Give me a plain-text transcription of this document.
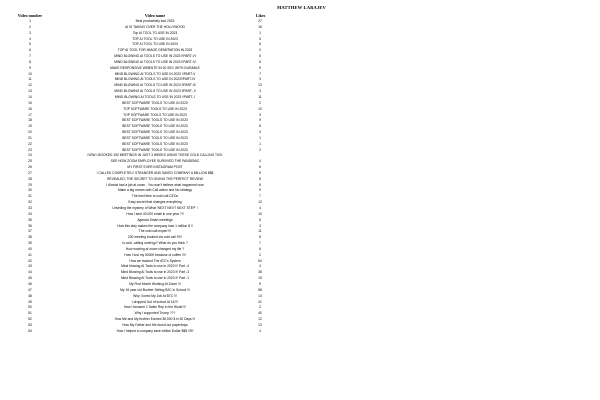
MATTHEW LARAJEV
Video number	Video name	Likes
1	Best productivity tool 2023	27
2	AI IS TAKING OVER THE HOLLYWOOD	16
3	Top AI TOOL TO USE IN 2023	1
4	TOP AI TOOL TO USE IN 2023	5
5	TOP AI TOOL TO USE IN 2023	6
6	TOP AI TOOL FOR IMAGE GENERATION IN 2023	0
7	MIND BLOWING AI TOOLS TO USE IN 2023 !!PART-VI	5
8	MIND BLOWING AI TOOLS TO USE IN 2023 !!PART-IV	6
9	MAKE RESPONSIVE WEBSITE IN 30 SEC WITH DURABLE	9
10	MIND BLOWING AI TOOLS TO USE IN 2023 !!PART-V	7
11	MIND BLOWING AI TOOLS TO USE IN 2023!!PART-IV	3
12	MIND BLOWING AI TOOLS TO USE IN 2023 !!PART-III	13
13	MIND BLOWING AI TOOLS TO USE IN 2023 !!PART- II	3
14	MIND BLOWING AI TOOLS TO USE IN 2023 !!PART- I	11
15	BEST SOFTWARE TOOLS TO USE IN 2023	2
16	TOP SOFTWARE TOOLS TO USE IN 2023	10
17	TOP SOFTWARE TOOLS TO USE IN 2023	3
18	BEST SOFTWARE TOOLS TO USE IN 2023	9
19	BEST SOFTWARE TOOLS TO USE IN 2023	6
20	BEST SOFTWARE TOOLS TO USE IN 2023	4
21	BEST SOFTWARE TOOLS TO USE IN 2023	1
22	BEST SOFTWARE TOOLS TO USE IN 2023	1
23	BEST SOFTWARE TOOLS TO USE IN 2023	2
24	HOW I BOOKED 150 MEETINGS IN JUST 3 WEEKS USING THESE COLD CALLING TICK
25	SEE HOW ZOOM EMPLOYEE SURVIVED THE PANDEMIC	4
26	MY FIRST EVER INSTAGRAM POST	6
27	I CALLED COMPLETELY STRANGER AND SAVED COMPANY A MILLION $$$	9
28	REVEALED: THE SECRET TO GIVING THE PERFECT REVIEW	5
29	I Almost had a job at zoom , You won't believe what happened now	6
30	Make a big moves with Call action and No strategy	9
31	The best time to cold call CEOs	7
32	Easy secret that changes everything	13
33	Unveiling the mystery of What 'NEXT NEXT NEXT STEP' !	4
34	How I sent 40,000 email in one year ?!!	10
35	Agenda Smart meetings	5
36	How this lady makes the company lose 1 million $ !!	3
37	The cold call expert !!!	11
38	200 meeting booked via cold call !!!!!!	8
39	Is cold -calling overhyp? What do you think ?	7
40	How working at zoom changed my life ?	6
41	How I lost my 50000 because of coffee !!!!	2
42	How we tracked The ATC's System	54
43	Mind blowing AI Tools to use in 2023 !!! Part -4	4
44	Mind Blowing AI Tools to use in 2023 !!! Part -3	36
45	Mind Blowing AI Tools to use in 2023 !!! Part -1	15
46	My First Month Working At Zoom !!!	9
47	My 16 year old Brother Selling B2C in School !!!	58
48	Why I loved My Job At BTC !!!	14
49	I dropped Out of school At 16 !!!	41
50	How I became 1 Sales Rep in the World !!!	2
51	Why I supported Trump ???	40
52	How Me and My brother Earned 38,000 $ in 30 Days !!!	12
53	How My Father and Me found our paperboys	13
54	How I helped a company save million Dollar $$$ !!!!!!	4
